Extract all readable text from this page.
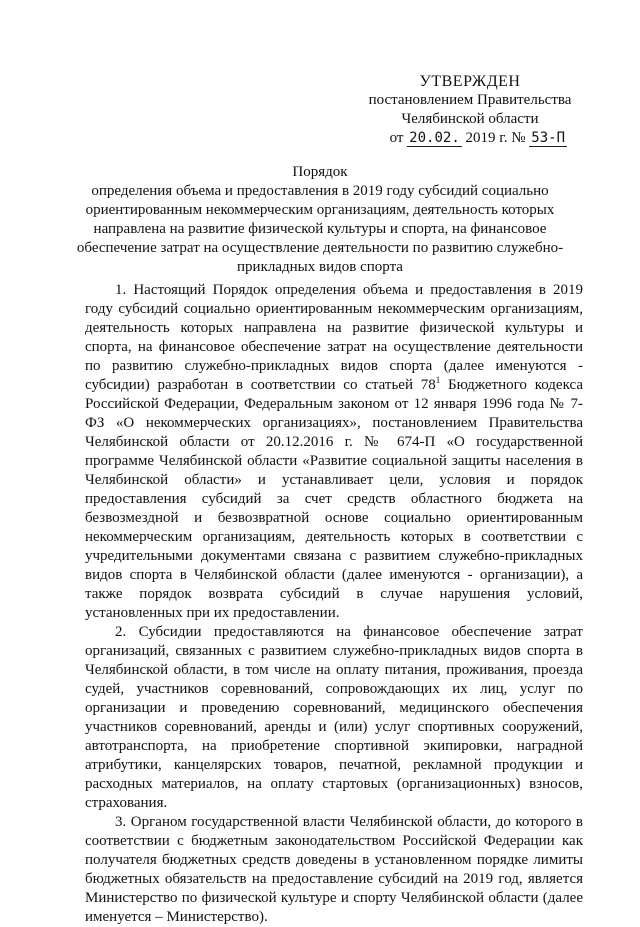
УТВЕРЖДЕН
постановлением Правительства
Челябинской области
от 20.02. 2019 г. № 53-П
Порядок
определения объема и предоставления в 2019 году субсидий социально ориентированным некоммерческим организациям, деятельность которых направлена на развитие физической культуры и спорта, на финансовое обеспечение затрат на осуществление деятельности по развитию служебно-прикладных видов спорта

1. Настоящий Порядок определения объема и предоставления в 2019 году субсидий социально ориентированным некоммерческим организациям, деятельность которых направлена на развитие физической культуры и спорта, на финансовое обеспечение затрат на осуществление деятельности по развитию служебно-прикладных видов спорта (далее именуются - субсидии) разработан в соответствии со статьей $78^1$ Бюджетного кодекса Российской Федерации, Федеральным законом от 12 января 1996 года № 7-ФЗ «О некоммерческих организациях», постановлением Правительства Челябинской области от 20.12.2016 г. № 674-П «О государственной программе Челябинской области «Развитие социальной защиты населения в Челябинской области» и устанавливает цели, условия и порядок предоставления субсидий за счет средств областного бюджета на безвозмездной и безвозвратной основе социально ориентированным некоммерческим организациям, деятельность которых в соответствии с учредительными документами связана с развитием служебно-прикладных видов спорта в Челябинской области (далее именуются - организации), а также порядок возврата субсидий в случае нарушения условий, установленных при их предоставлении.

2. Субсидии предоставляются на финансовое обеспечение затрат организаций, связанных с развитием служебно-прикладных видов спорта в Челябинской области, в том числе на оплату питания, проживания, проезда судей, участников соревнований, сопровождающих их лиц, услуг по организации и проведению соревнований, медицинского обеспечения участников соревнований, аренды и (или) услуг спортивных сооружений, автотранспорта, на приобретение спортивной экипировки, наградной атрибутики, канцелярских товаров, печатной, рекламной продукции и расходных материалов, на оплату стартовых (организационных) взносов, страхования.

3. Органом государственной власти Челябинской области, до которого в соответствии с бюджетным законодательством Российской Федерации как получателя бюджетных средств доведены в установленном порядке лимиты бюджетных обязательств на предоставление субсидий на 2019 год, является Министерство по физической культуре и спорту Челябинской области (далее именуется – Министерство).
